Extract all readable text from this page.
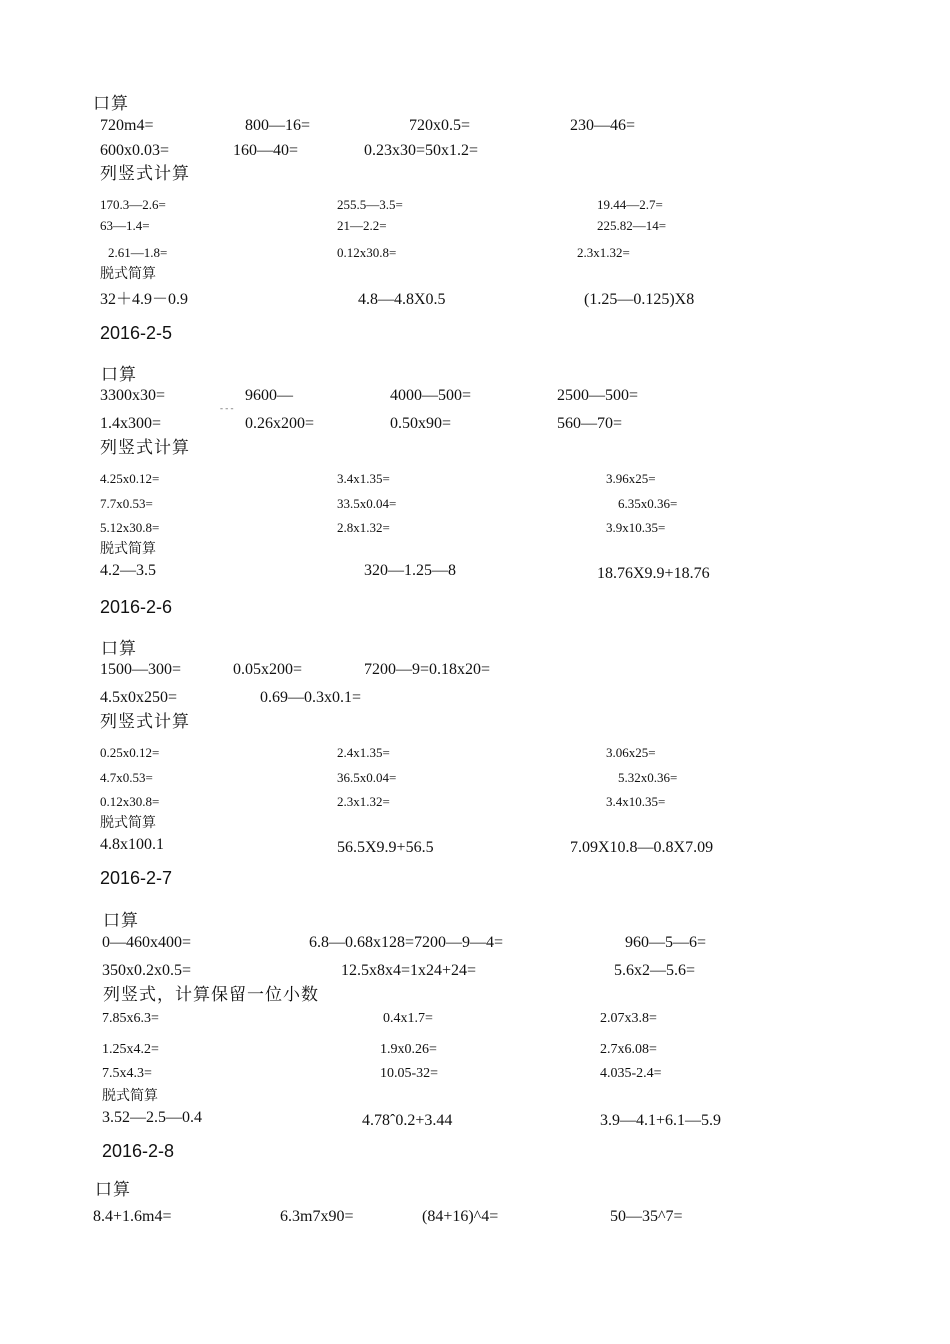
口算
720m4=	800—16=	720x0.5=	230—46=
600x0.03=	160—40=	0.23x30=50x1.2=
列竖式计算
170.3—2.6=	255.5—3.5=	19.44—2.7=
63—1.4=	21—2.2=	225.82—14=
2.61—1.8=	0.12x30.8=	2.3x1.32=
脱式简算
32＋4.9－0.9	4.8—4.8X0.5	(1.25—0.125)X8
2016-2-5
口算
3300x30=	9600—	4000—500=	2500—500=
- - -
1.4x300=	0.26x200=	0.50x90=	560—70=
列竖式计算
4.25x0.12=	3.4x1.35=	3.96x25=
7.7x0.53=	33.5x0.04=	6.35x0.36=
5.12x30.8=	2.8x1.32=	3.9x10.35=
脱式简算
4.2—3.5	320—1.25—8	18.76X9.9+18.76
2016-2-6
口算
1500—300=	0.05x200=	7200—9=0.18x20=
4.5x0x250=	0.69—0.3x0.1=
列竖式计算
0.25x0.12=	2.4x1.35=	3.06x25=
4.7x0.53=	36.5x0.04=	5.32x0.36=
0.12x30.8=	2.3x1.32=	3.4x10.35=
脱式简算
4.8x100.1	56.5X9.9+56.5	7.09X10.8—0.8X7.09
2016-2-7
口算
0—460x400=	6.8—0.68x128=7200—9—4=	960—5—6=
350x0.2x0.5=	12.5x8x4=1x24+24=	5.6x2—5.6=
列竖式，计算保留一位小数
7.85x6.3=	0.4x1.7=	2.07x3.8=
1.25x4.2=	1.9x0.26=	2.7x6.08=
7.5x4.3=	10.05-32=	4.035-2.4=
脱式简算
3.52—2.5—0.4	4.78ˆ0.2+3.44	3.9—4.1+6.1—5.9
2016-2-8
口算
8.4+1.6m4=	6.3m7x90=	(84+16)^4=	50—35^7=
